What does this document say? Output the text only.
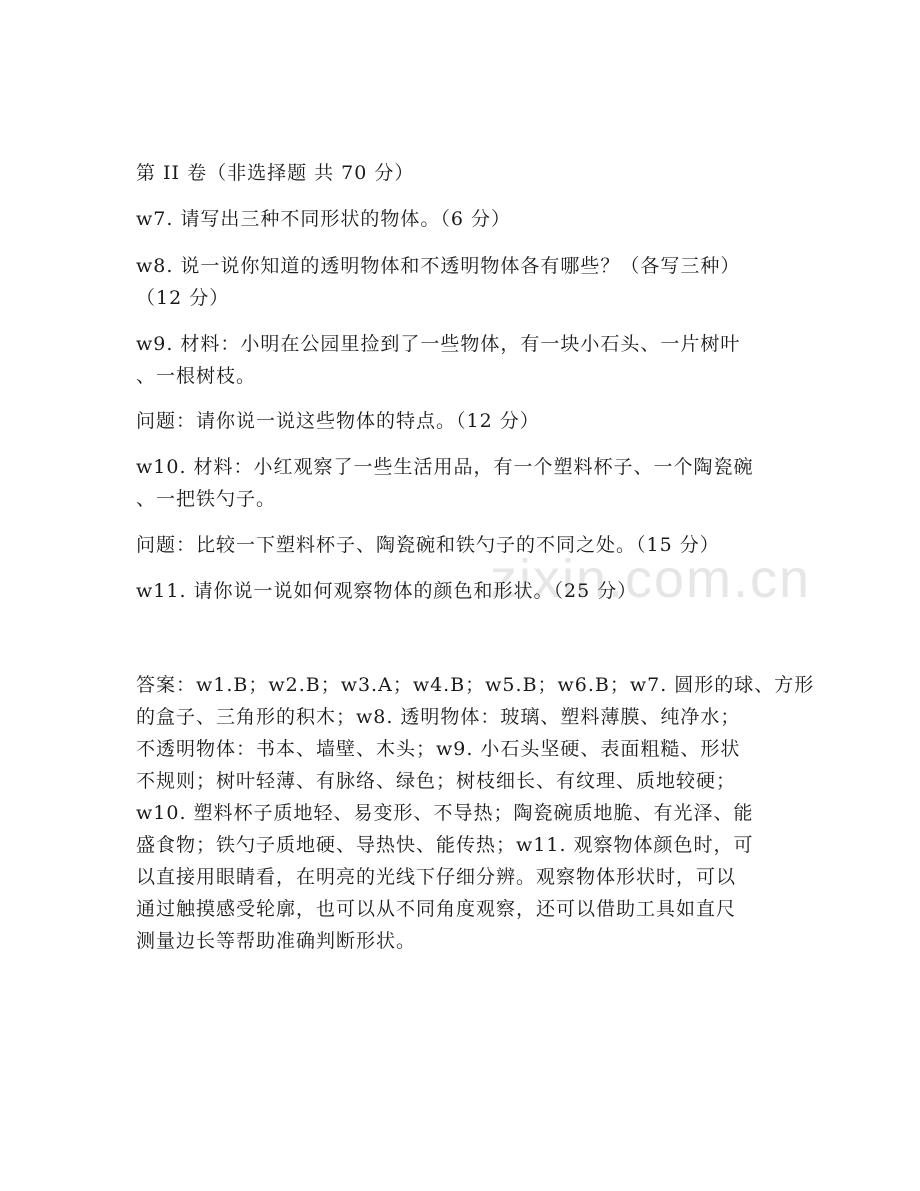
zixin.com.cn
第 II 卷（非选择题 共 70 分）
w7. 请写出三种不同形状的物体。（6 分）
w8. 说一说你知道的透明物体和不透明物体各有哪些？（各写三种）
（12 分）
w9. 材料：小明在公园里捡到了一些物体，有一块小石头、一片树叶
、一根树枝。
问题：请你说一说这些物体的特点。（12 分）
w10. 材料：小红观察了一些生活用品，有一个塑料杯子、一个陶瓷碗
、一把铁勺子。
问题：比较一下塑料杯子、陶瓷碗和铁勺子的不同之处。（15 分）
w11. 请你说一说如何观察物体的颜色和形状。（25 分）
答案：w1.B；w2.B；w3.A；w4.B；w5.B；w6.B；w7. 圆形的球、方形
的盒子、三角形的积木；w8. 透明物体：玻璃、塑料薄膜、纯净水；
不透明物体：书本、墙壁、木头；w9. 小石头坚硬、表面粗糙、形状
不规则；树叶轻薄、有脉络、绿色；树枝细长、有纹理、质地较硬；
w10. 塑料杯子质地轻、易变形、不导热；陶瓷碗质地脆、有光泽、能
盛食物；铁勺子质地硬、导热快、能传热；w11. 观察物体颜色时，可
以直接用眼睛看，在明亮的光线下仔细分辨。观察物体形状时，可以
通过触摸感受轮廓，也可以从不同角度观察，还可以借助工具如直尺
测量边长等帮助准确判断形状。
